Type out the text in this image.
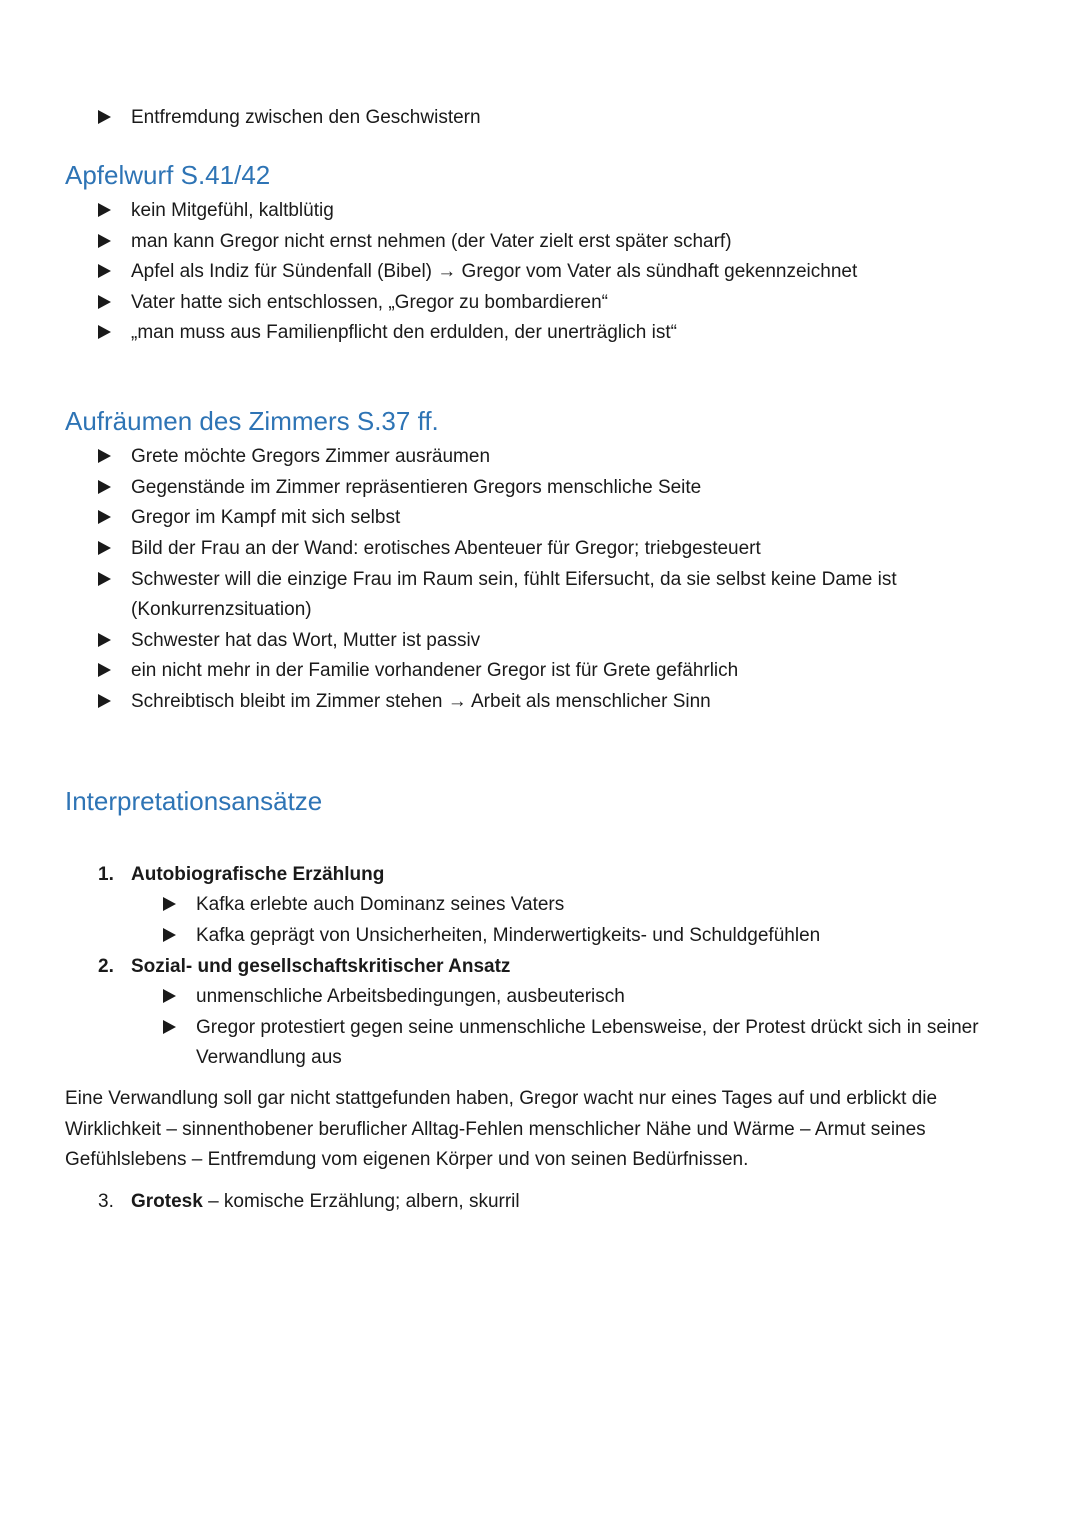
Entfremdung zwischen den Geschwistern
Apfelwurf S.41/42
kein Mitgefühl, kaltblütig
man kann Gregor nicht ernst nehmen (der Vater zielt erst später scharf)
Apfel als Indiz für Sündenfall (Bibel) → Gregor vom Vater als sündhaft gekennzeichnet
Vater hatte sich entschlossen, „Gregor zu bombardieren“
„man muss aus Familienpflicht den erdulden, der unerträglich ist“
Aufräumen des Zimmers S.37 ff.
Grete möchte Gregors Zimmer ausräumen
Gegenstände im Zimmer repräsentieren Gregors menschliche Seite
Gregor im Kampf mit sich selbst
Bild der Frau an der Wand: erotisches Abenteuer für Gregor; triebgesteuert
Schwester will die einzige Frau im Raum sein, fühlt Eifersucht, da sie selbst keine Dame ist
(Konkurrenzsituation)
Schwester hat das Wort, Mutter ist passiv
ein nicht mehr in der Familie vorhandener Gregor ist für Grete gefährlich
Schreibtisch bleibt im Zimmer stehen → Arbeit als menschlicher Sinn
Interpretationsansätze
1. Autobiografische Erzählung
Kafka erlebte auch Dominanz seines Vaters
Kafka geprägt von Unsicherheiten, Minderwertigkeits- und Schuldgefühlen
2. Sozial- und gesellschaftskritischer Ansatz
unmenschliche Arbeitsbedingungen, ausbeuterisch
Gregor protestiert gegen seine unmenschliche Lebensweise, der Protest drückt sich in seiner
Verwandlung aus
Eine Verwandlung soll gar nicht stattgefunden haben, Gregor wacht nur eines Tages auf und erblickt die Wirklichkeit – sinnenthobener beruflicher Alltag-Fehlen menschlicher Nähe und Wärme – Armut seines Gefühlslebens – Entfremdung vom eigenen Körper und von seinen Bedürfnissen.
3. Grotesk – komische Erzählung; albern, skurril
